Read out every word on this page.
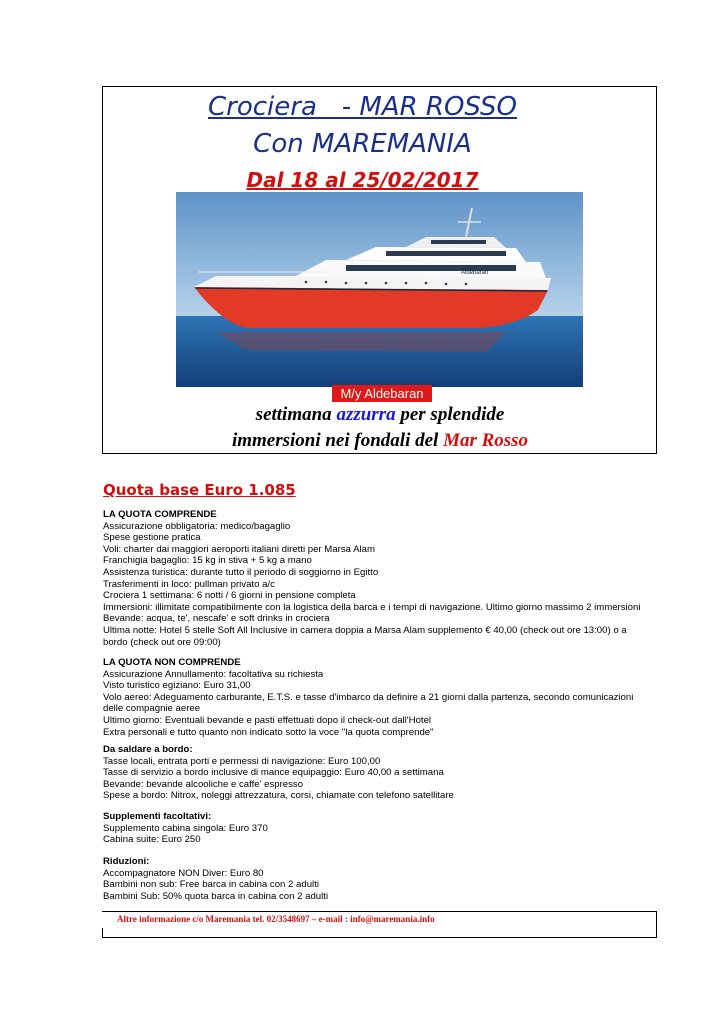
Crociera   - MAR ROSSO
Con MAREMANIA
Dal 18 al 25/02/2017
Aldebaran
M/y Aldebaran
settimana azzurra per splendide
immersioni nei fondali del Mar Rosso
Quota base Euro 1.085
LA QUOTA COMPRENDE
Assicurazione obbligatoria: medico/bagaglio
Spese gestione pratica
Voli: charter dai maggiori aeroporti italiani diretti per Marsa Alam
Franchigia bagaglio: 15 kg in stiva + 5 kg a mano
Assistenza turistica: durante tutto il periodo di soggiorno in Egitto
Trasferimenti in loco: pullman privato a/c
Crociera 1 settimana: 6 notti / 6 giorni in pensione completa
Immersioni: illimitate compatibilmente con la logistica della barca e i tempi di navigazione. Ultimo giorno massimo 2 immersioni
Bevande: acqua, te', nescafe' e soft drinks in crociera
Ultima notte: Hotel 5 stelle Soft All Inclusive in camera doppia a Marsa Alam supplemento € 40,00 (check out ore 13:00) o a
bordo (check out ore 09:00)
LA QUOTA NON COMPRENDE
Assicurazione Annullamento: facoltativa su richiesta
Visto turistico egiziano: Euro 31,00
Volo aereo: Adeguamento carburante, E.T.S. e tasse d'imbarco da definire a 21 giorni dalla partenza, secondo comunicazioni
delle compagnie aeree
Ultimo giorno: Eventuali bevande e pasti effettuati dopo il check-out dall'Hotel
Extra personali e tutto quanto non indicato sotto la voce "la quota comprende"
Da saldare a bordo:
Tasse locali, entrata porti e permessi di navigazione: Euro 100,00
Tasse di servizio a bordo inclusive di mance equipaggio: Euro 40,00 a settimana
Bevande: bevande alcooliche e caffe' espresso
Spese a bordo: Nitrox, noleggi attrezzatura, corsi, chiamate con telefono satellitare
Supplementi facoltativi:
Supplemento cabina singola: Euro 370
Cabina suite: Euro 250
Riduzioni:
Accompagnatore NON Diver: Euro 80
Bambini non sub: Free barca in cabina con 2 adulti
Bambini Sub: 50% quota barca in cabina con 2 adulti
Altre informazione c/o Maremania tel. 02/3548697 – e-mail : info@maremania.info
